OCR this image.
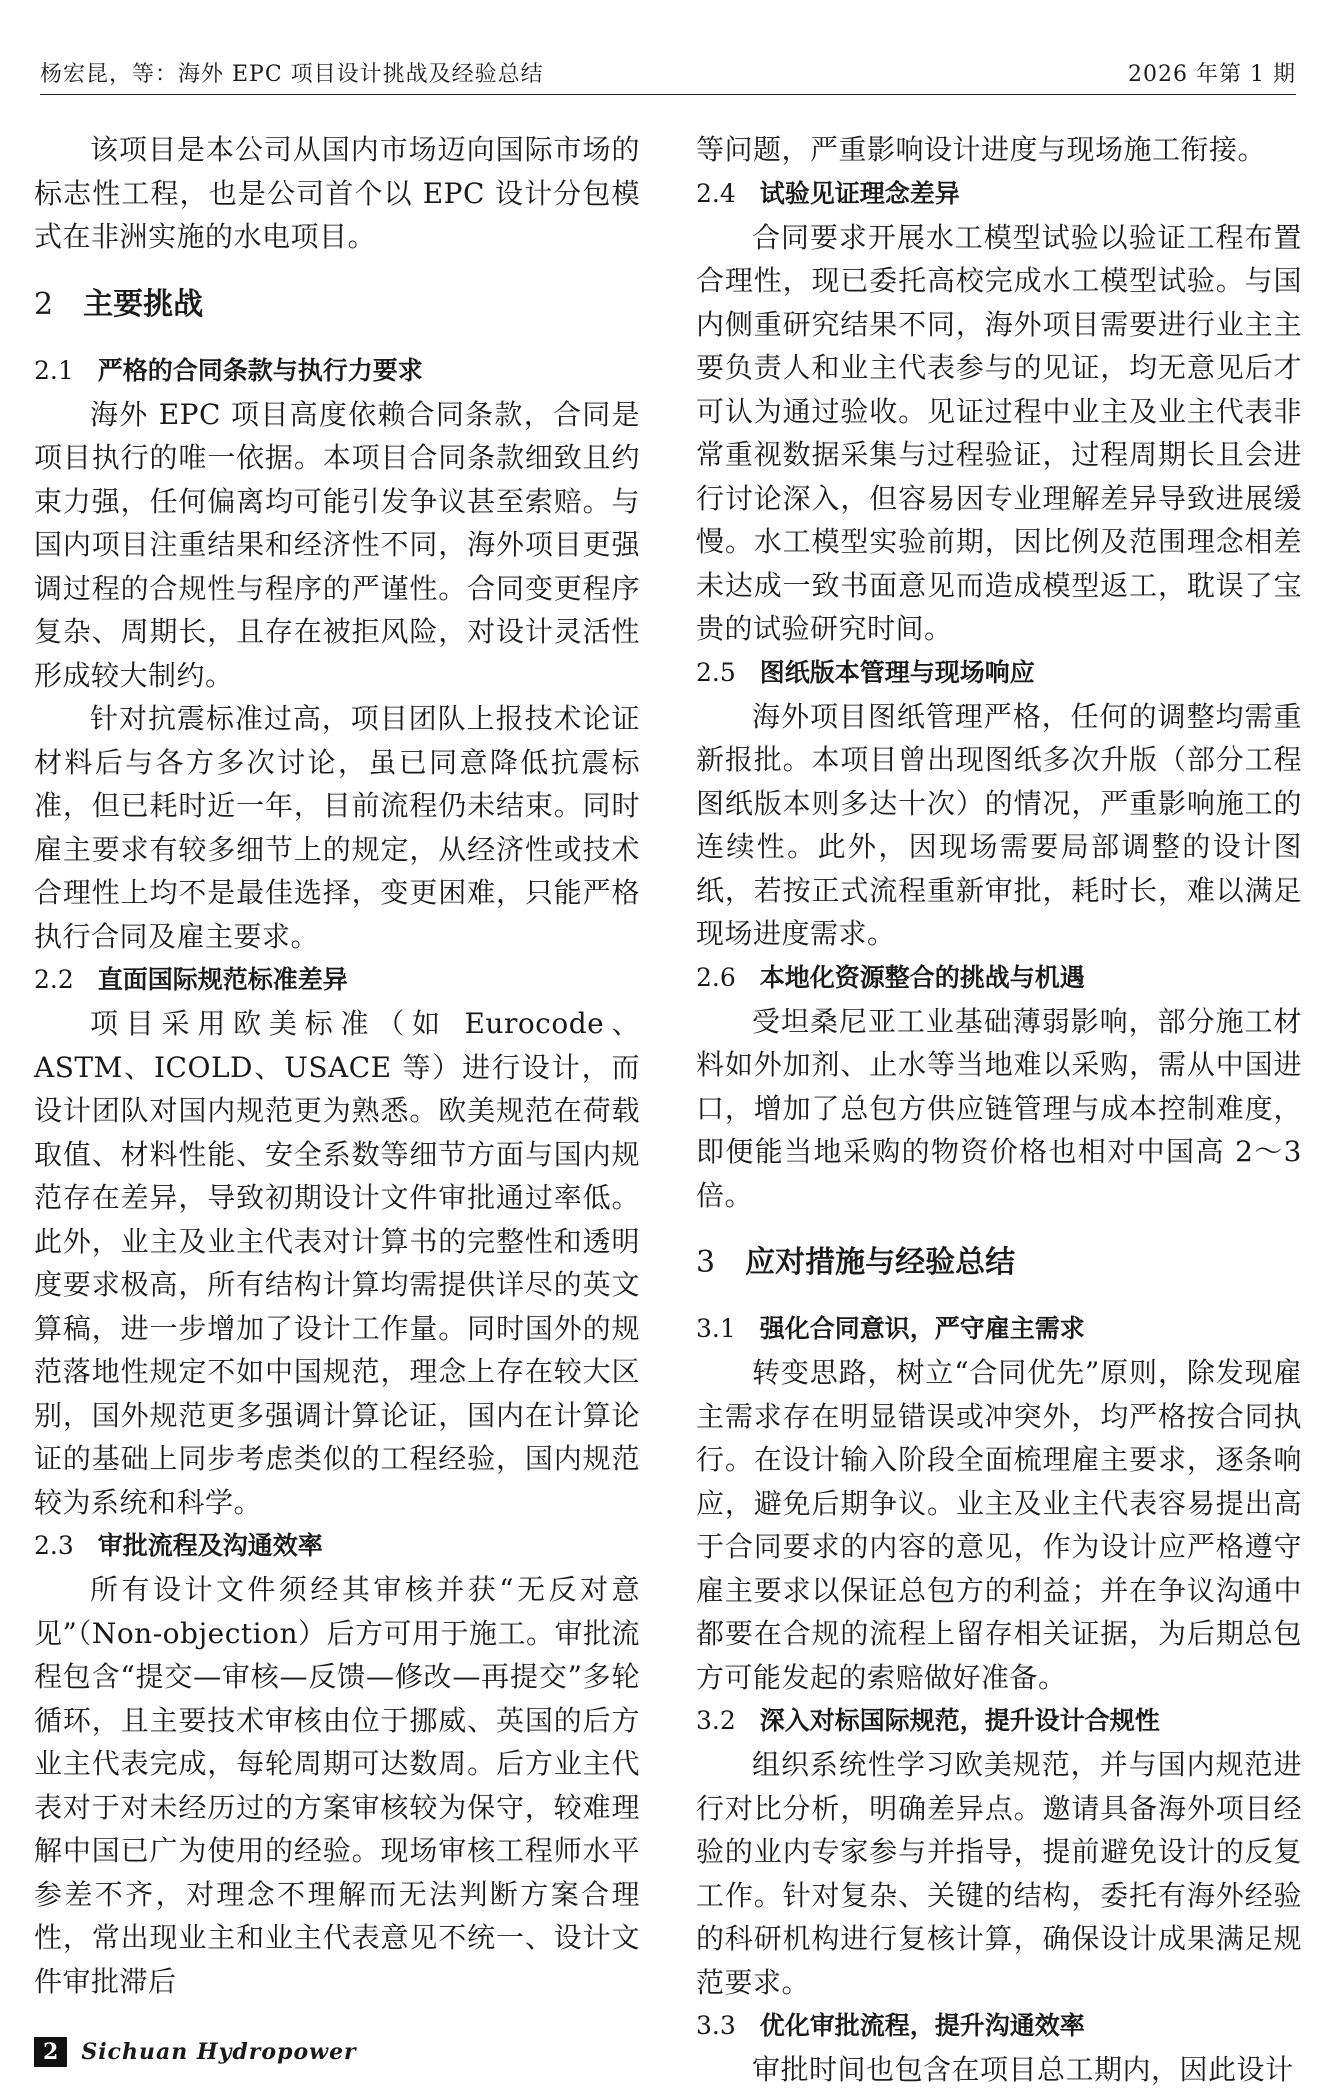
杨宏昆，等：海外 EPC 项目设计挑战及经验总结	2026 年第 1 期

该项目是本公司从国内市场迈向国际市场的标志性工程，也是公司首个以 EPC 设计分包模式在非洲实施的水电项目。

2 主要挑战
2.1 严格的合同条款与执行力要求

海外 EPC 项目高度依赖合同条款，合同是项目执行的唯一依据。本项目合同条款细致且约束力强，任何偏离均可能引发争议甚至索赔。与国内项目注重结果和经济性不同，海外项目更强调过程的合规性与程序的严谨性。合同变更程序复杂、周期长，且存在被拒风险，对设计灵活性形成较大制约。

针对抗震标准过高，项目团队上报技术论证材料后与各方多次讨论，虽已同意降低抗震标准，但已耗时近一年，目前流程仍未结束。同时雇主要求有较多细节上的规定，从经济性或技术合理性上均不是最佳选择，变更困难，只能严格执行合同及雇主要求。

2.2 直面国际规范标准差异

项目采用欧美标准（如 Eurocode、ASTM、ICOLD、USACE 等）进行设计，而设计团队对国内规范更为熟悉。欧美规范在荷载取值、材料性能、安全系数等细节方面与国内规范存在差异，导致初期设计文件审批通过率低。此外，业主及业主代表对计算书的完整性和透明度要求极高，所有结构计算均需提供详尽的英文算稿，进一步增加了设计工作量。同时国外的规范落地性规定不如中国规范，理念上存在较大区别，国外规范更多强调计算论证，国内在计算论证的基础上同步考虑类似的工程经验，国内规范较为系统和科学。

2.3 审批流程及沟通效率

所有设计文件须经其审核并获“无反对意见”（Non-objection）后方可用于施工。审批流程包含“提交—审核—反馈—修改—再提交”多轮循环，且主要技术审核由位于挪威、英国的后方业主代表完成，每轮周期可达数周。后方业主代表对于对未经历过的方案审核较为保守，较难理解中国已广为使用的经验。现场审核工程师水平参差不齐，对理念不理解而无法判断方案合理性，常出现业主和业主代表意见不统一、设计文件审批滞后

等问题，严重影响设计进度与现场施工衔接。

2.4 试验见证理念差异

合同要求开展水工模型试验以验证工程布置合理性，现已委托高校完成水工模型试验。与国内侧重研究结果不同，海外项目需要进行业主主要负责人和业主代表参与的见证，均无意见后才可认为通过验收。见证过程中业主及业主代表非常重视数据采集与过程验证，过程周期长且会进行讨论深入，但容易因专业理解差异导致进展缓慢。水工模型实验前期，因比例及范围理念相差未达成一致书面意见而造成模型返工，耽误了宝贵的试验研究时间。

2.5 图纸版本管理与现场响应

海外项目图纸管理严格，任何的调整均需重新报批。本项目曾出现图纸多次升版（部分工程图纸版本则多达十次）的情况，严重影响施工的连续性。此外，因现场需要局部调整的设计图纸，若按正式流程重新审批，耗时长，难以满足现场进度需求。

2.6 本地化资源整合的挑战与机遇

受坦桑尼亚工业基础薄弱影响，部分施工材料如外加剂、止水等当地难以采购，需从中国进口，增加了总包方供应链管理与成本控制难度，即便能当地采购的物资价格也相对中国高 2～3 倍。

3 应对措施与经验总结
3.1 强化合同意识，严守雇主需求

转变思路，树立“合同优先”原则，除发现雇主需求存在明显错误或冲突外，均严格按合同执行。在设计输入阶段全面梳理雇主要求，逐条响应，避免后期争议。业主及业主代表容易提出高于合同要求的内容的意见，作为设计应严格遵守雇主要求以保证总包方的利益；并在争议沟通中都要在合规的流程上留存相关证据，为后期总包方可能发起的索赔做好准备。

3.2 深入对标国际规范，提升设计合规性

组织系统性学习欧美规范，并与国内规范进行对比分析，明确差异点。邀请具备海外项目经验的业内专家参与并指导，提前避免设计的反复工作。针对复杂、关键的结构，委托有海外经验的科研机构进行复核计算，确保设计成果满足规范要求。

3.3 优化审批流程，提升沟通效率

审批时间也包含在项目总工期内，因此设计

2	Sichuan Hydropower
